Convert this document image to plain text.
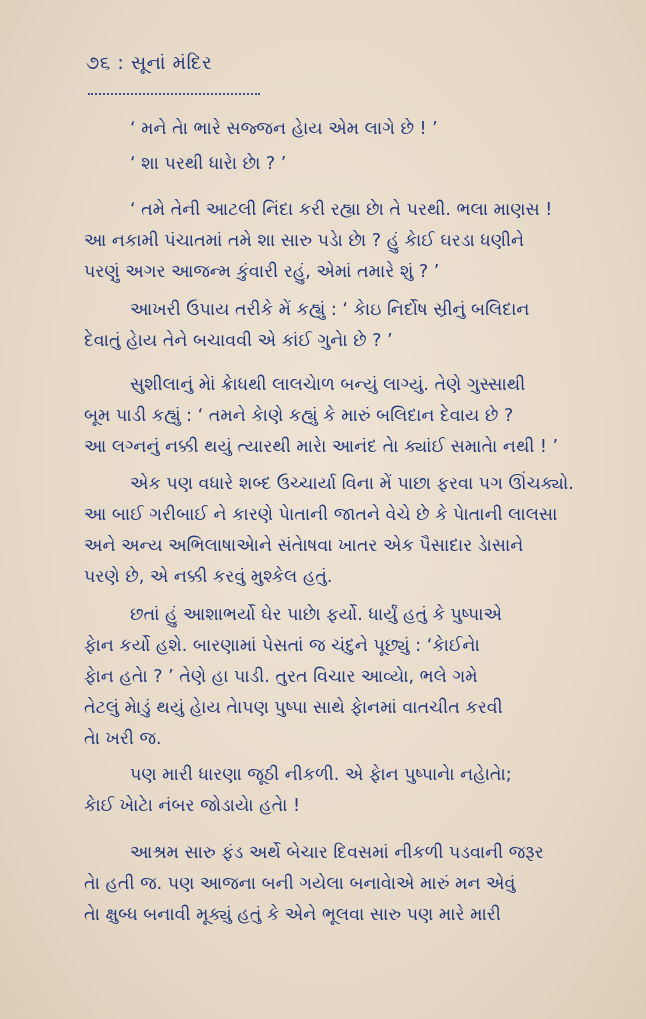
૭૬ : સૂનાં મંદિર
‘ મને તેા ભારે સજ્જન હેાય એમ લાગે છે ! ’
‘ શા પરથી ધારેા છેા ? ’
‘ તમે તેની આટલી નિંદા કરી રહ્યા છેા તે પરથી. ભલા માણસ !
આ નકામી પંચાતમાં તમે શા સારુ પડેા છેા ? હું કેાઈ ઘરડા ધણીને
પરણું અગર આજન્મ કુંવારી રહું, એમાં તમારે શું ? ’
આખરી ઉપાય તરીકે મેં કહ્યું : ‘ કેાઇ નિર્દોષ સ્રીનું બલિદાન
દેવાતું હેાય તેને બચાવવી એ કાંઈ ગુનેા છે ? ’
સુશીલાનું મેાં ક્રેાધથી લાલચેાળ બન્યું લાગ્યું. તેણે ગુસ્સાથી
બૂમ પાડી કહ્યું : ‘ તમને કેાણે કહ્યું કે મારું બલિદાન દેવાય છે ?
આ લગ્નનું નક્કી થયું ત્યારથી મારેા આનંદ તેા ક્યાંઈ સમાતેા નથી ! ’
એક પણ વધારે શબ્દ ઉચ્ચાર્યા વિના મેં પાછા ફરવા પગ ઊંચક્યો.
આ બાઈ ગરીબાઈ ને કારણે પેાતાની જાતને વેચે છે કે પેાતાની લાલસા
અને અન્ય અભિલાષાએાને સંતેાષવા ખાતર એક પૈસાદાર ડેાસાને
પરણે છે, એ નક્કી કરવું મુશ્કેલ હતું.
છતાં હું આશાભર્યો ઘેર પાછેા ફર્યો. ધાર્યું હતું કે પુષ્પાએ
ફેાન કર્યો હશે. બારણામાં પેસતાં જ ચંદુને પૂછ્યું : ‘કેાઈનેા
ફેાન હતેા ? ’ તેણે હા પાડી. તુરત વિચાર આવ્યેા, ભલે ગમે
તેટલું મેાડું થયું હેાય તેાપણ પુષ્પા સાથે ફેાનમાં વાતચીત કરવી
તેા ખરી જ.
પણ મારી ધારણા જૂઠી નીકળી. એ ફેાન પુષ્પાનેા નહેાતેા;
કેાઈ ખેાટેા નંબર જોડાયેા હતેા !
આશ્રમ સારુ ફંડ અર્થે બેચાર દિવસમાં નીકળી પડવાની જરૂર
તેા હતી જ. પણ આજના બની ગયેલા બનાવેાએ મારું મન એવું
તેા ક્ષુબ્ધ બનાવી મૂક્યું હતું કે એને ભૂલવા સારુ પણ મારે મારી
